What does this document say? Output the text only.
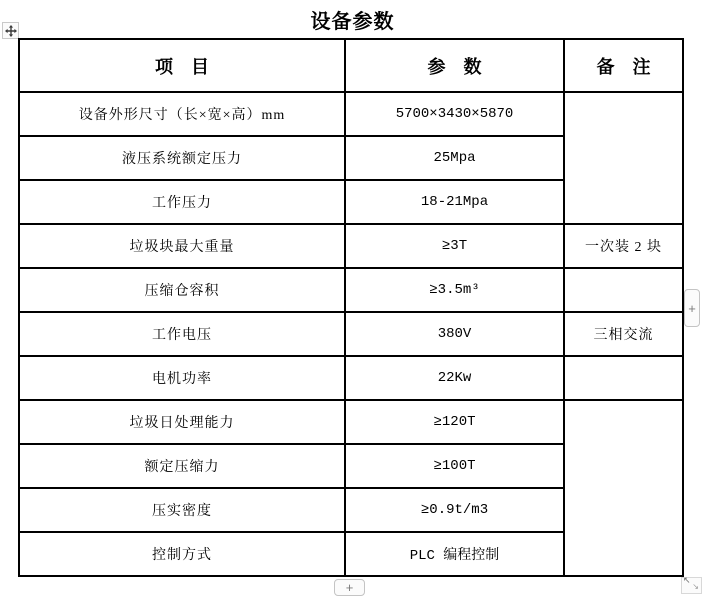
设备参数
项　目	参　数	备　注
设备外形尺寸（长×宽×高）mm	5700×3430×5870	
液压系统额定压力	25Mpa	
工作压力	18-21Mpa	
垃圾块最大重量	≥3T	一次装 2 块
压缩仓容积	≥3.5m³	
工作电压	380V	三相交流
电机功率	22Kw	
垃圾日处理能力	≥120T	
额定压缩力	≥100T	
压实密度	≥0.9t/m3	
控制方式	PLC 编程控制	
+
+	↖
↘
